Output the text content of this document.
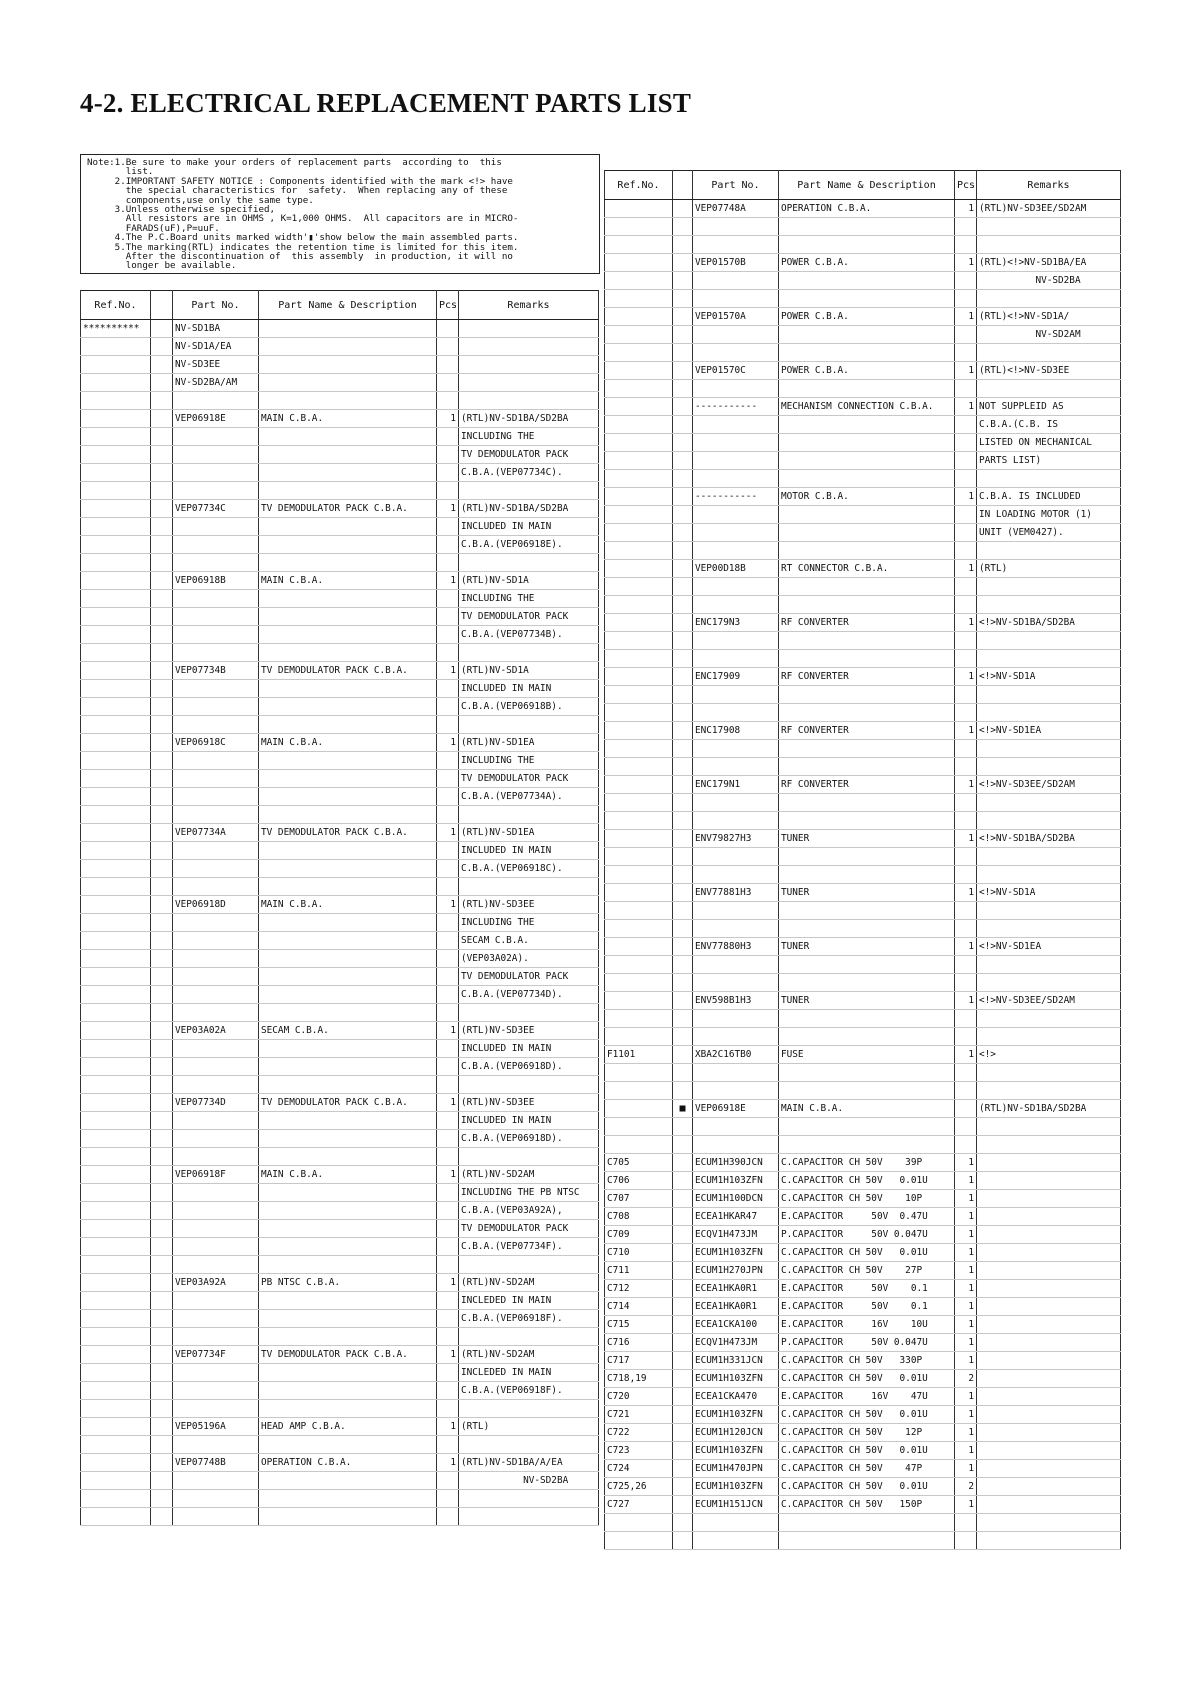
4-2. ELECTRICAL REPLACEMENT PARTS LIST
Note:1.Be sure to make your orders of replacement parts  according to  this
list.
2.IMPORTANT SAFETY NOTICE : Components identified with the mark <!> have
the special characteristics for  safety.  When replacing any of these
components,use only the same type.
3.Unless otherwise specified,
All resistors are in OHMS , K=1,000 OHMS.  All capacitors are in MICRO-
FARADS(uF),P=uuF.
4.The P.C.Board units marked width'▮'show below the main assembled parts.
5.The marking(RTL) indicates the retention time is limited for this item.
After the discontinuation of  this assembly  in production, it will no
longer be available.
Ref.No.		Part No.	Part Name & Description	Pcs	Remarks
**********		NV-SD1BA			
		NV-SD1A/EA			
		NV-SD3EE			
		NV-SD2BA/AM			

		VEP06918E	MAIN C.B.A.	1	(RTL)NV-SD1BA/SD2BA
					INCLUDING THE
					TV DEMODULATOR PACK
					C.B.A.(VEP07734C).

		VEP07734C	TV DEMODULATOR PACK C.B.A.	1	(RTL)NV-SD1BA/SD2BA
					INCLUDED IN MAIN
					C.B.A.(VEP06918E).

		VEP06918B	MAIN C.B.A.	1	(RTL)NV-SD1A
					INCLUDING THE
					TV DEMODULATOR PACK
					C.B.A.(VEP07734B).

		VEP07734B	TV DEMODULATOR PACK C.B.A.	1	(RTL)NV-SD1A
					INCLUDED IN MAIN
					C.B.A.(VEP06918B).

		VEP06918C	MAIN C.B.A.	1	(RTL)NV-SD1EA
					INCLUDING THE
					TV DEMODULATOR PACK
					C.B.A.(VEP07734A).

		VEP07734A	TV DEMODULATOR PACK C.B.A.	1	(RTL)NV-SD1EA
					INCLUDED IN MAIN
					C.B.A.(VEP06918C).

		VEP06918D	MAIN C.B.A.	1	(RTL)NV-SD3EE
					INCLUDING THE
					SECAM C.B.A.
					(VEP03A02A).
					TV DEMODULATOR PACK
					C.B.A.(VEP07734D).

		VEP03A02A	SECAM C.B.A.	1	(RTL)NV-SD3EE
					INCLUDED IN MAIN
					C.B.A.(VEP06918D).

		VEP07734D	TV DEMODULATOR PACK C.B.A.	1	(RTL)NV-SD3EE
					INCLUDED IN MAIN
					C.B.A.(VEP06918D).

		VEP06918F	MAIN C.B.A.	1	(RTL)NV-SD2AM
					INCLUDING THE PB NTSC
					C.B.A.(VEP03A92A),
					TV DEMODULATOR PACK
					C.B.A.(VEP07734F).

		VEP03A92A	PB NTSC C.B.A.	1	(RTL)NV-SD2AM
					INCLEDED IN MAIN
					C.B.A.(VEP06918F).

		VEP07734F	TV DEMODULATOR PACK C.B.A.	1	(RTL)NV-SD2AM
					INCLEDED IN MAIN
					C.B.A.(VEP06918F).

		VEP05196A	HEAD AMP C.B.A.	1	(RTL)

		VEP07748B	OPERATION C.B.A.	1	(RTL)NV-SD1BA/A/EA
					NV-SD2BA

Ref.No.		Part No.	Part Name & Description	Pcs	Remarks
		VEP07748A	OPERATION C.B.A.	1	(RTL)NV-SD3EE/SD2AM

		VEP01570B	POWER C.B.A.	1	(RTL)<!>NV-SD1BA/EA
					NV-SD2BA

		VEP01570A	POWER C.B.A.	1	(RTL)<!>NV-SD1A/
					NV-SD2AM

		VEP01570C	POWER C.B.A.	1	(RTL)<!>NV-SD3EE

		-----------	MECHANISM CONNECTION C.B.A.	1	NOT SUPPLEID AS
					C.B.A.(C.B. IS
					LISTED ON MECHANICAL
					PARTS LIST)

		-----------	MOTOR C.B.A.	1	C.B.A. IS INCLUDED
					IN LOADING MOTOR (1)
					UNIT (VEM0427).

		VEP00D18B	RT CONNECTOR C.B.A.	1	(RTL)

		ENC179N3	RF CONVERTER	1	<!>NV-SD1BA/SD2BA

		ENC17909	RF CONVERTER	1	<!>NV-SD1A

		ENC17908	RF CONVERTER	1	<!>NV-SD1EA

		ENC179N1	RF CONVERTER	1	<!>NV-SD3EE/SD2AM

		ENV79827H3	TUNER	1	<!>NV-SD1BA/SD2BA

		ENV77881H3	TUNER	1	<!>NV-SD1A

		ENV77880H3	TUNER	1	<!>NV-SD1EA

		ENV598B1H3	TUNER	1	<!>NV-SD3EE/SD2AM

F1101		XBA2C16TB0	FUSE	1	<!>

	■	VEP06918E	MAIN C.B.A.		(RTL)NV-SD1BA/SD2BA

C705		ECUM1H390JCN	C.CAPACITOR CH 50V    39P	1	
C706		ECUM1H103ZFN	C.CAPACITOR CH 50V   0.01U	1	
C707		ECUM1H100DCN	C.CAPACITOR CH 50V    10P	1	
C708		ECEA1HKAR47	E.CAPACITOR     50V  0.47U	1	
C709		ECQV1H473JM	P.CAPACITOR     50V 0.047U	1	
C710		ECUM1H103ZFN	C.CAPACITOR CH 50V   0.01U	1	
C711		ECUM1H270JPN	C.CAPACITOR CH 50V    27P	1	
C712		ECEA1HKA0R1	E.CAPACITOR     50V    0.1	1	
C714		ECEA1HKA0R1	E.CAPACITOR     50V    0.1	1	
C715		ECEA1CKA100	E.CAPACITOR     16V    10U	1	
C716		ECQV1H473JM	P.CAPACITOR     50V 0.047U	1	
C717		ECUM1H331JCN	C.CAPACITOR CH 50V   330P	1	
C718,19		ECUM1H103ZFN	C.CAPACITOR CH 50V   0.01U	2	
C720		ECEA1CKA470	E.CAPACITOR     16V    47U	1	
C721		ECUM1H103ZFN	C.CAPACITOR CH 50V   0.01U	1	
C722		ECUM1H120JCN	C.CAPACITOR CH 50V    12P	1	
C723		ECUM1H103ZFN	C.CAPACITOR CH 50V   0.01U	1	
C724		ECUM1H470JPN	C.CAPACITOR CH 50V    47P	1	
C725,26		ECUM1H103ZFN	C.CAPACITOR CH 50V   0.01U	2	
C727		ECUM1H151JCN	C.CAPACITOR CH 50V   150P	1	
